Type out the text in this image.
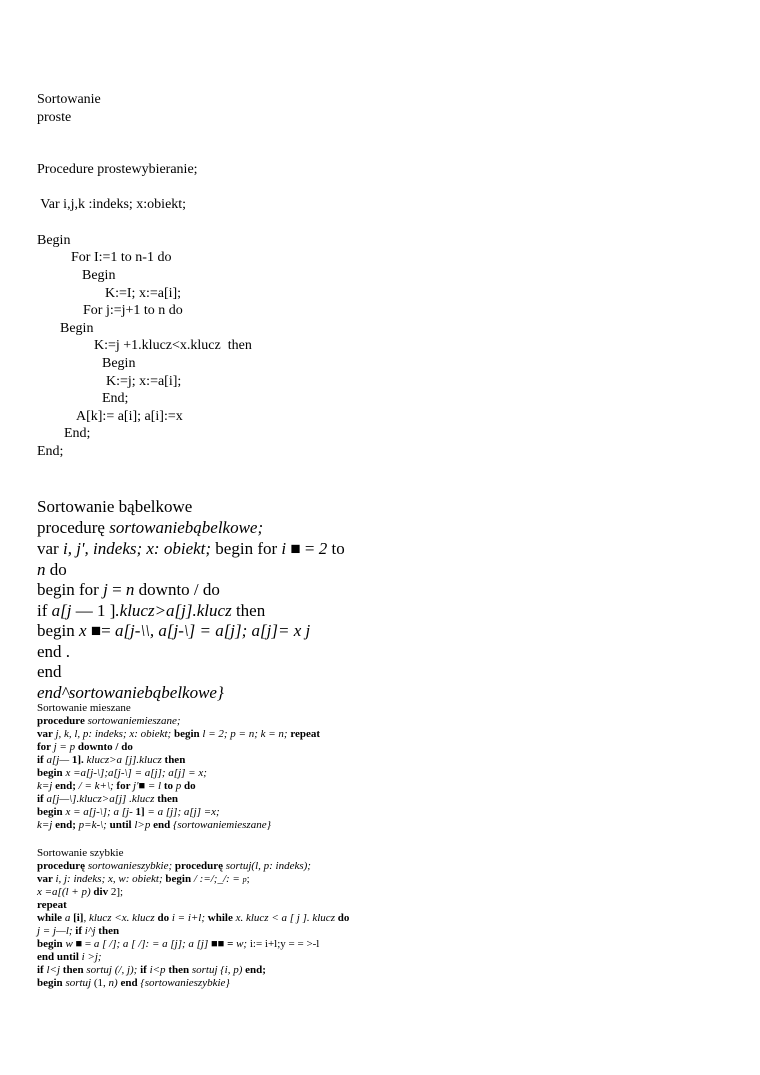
Sortowanie
proste
Procedure prostewybieranie;
Var i,j,k :indeks; x:obiekt;
Begin
For I:=1 to n-1 do
Begin
K:=I; x:=a[i];
For j:=j+1 to n do
Begin
K:=j +1.klucz<x.klucz  then
Begin
K:=j; x:=a[i];
End;
A[k]:= a[i]; a[i]:=x
End;
End;
Sortowanie bąbelkowe
procedurę sortowaniebąbelkowe;
var i, j', indeks; x: obiekt; begin for i ■ = 2 to
n do
begin for j = n downto / do
if a[j — 1 ].klucz>a[j].klucz then
begin x ■= a[j-\\, a[j-\] = a[j]; a[j]= x j
end .
end
end^sortowaniebąbelkowe}
Sortowanie mieszane
procedure sortowaniemieszane;
var j, k, l, p: indeks; x: obiekt; begin l = 2; p = n; k = n; repeat
for j = p downto / do
if a[j— 1]. klucz>a [j].klucz then
begin x =a[j-\];a[j-\] = a[j]; a[j] = x;
k=j end; / = k+\; for j'■ = l to p do
if a[j—\].klucz>a[j] .klucz then
begin x = a[j-\]; a [j- 1] = a [j]; a[j] =x;
k=j end; p=k-\; until l>p end {sortowaniemieszane}
Sortowanie szybkie
procedurę sortowanieszybkie; procedurę sortuj(l, p: indeks);
var i, j: indeks; x, w: obiekt; begin / :=/;_/: = p;
x =a[(l + p) div 2];
repeat
while a [i], klucz <x. klucz do i = i+l; while x. klucz < a [ j ]. klucz do
j = j—l; if i^j then
begin w ■ = a [ /]; a [ /]: = a [j]; a [j] ■■ = w; i:= i+l;y = = >-l
end until i >j;
if l<j then sortuj (/, j); if i<p then sortuj {i, p) end;
begin sortuj (1, n) end {sortowanieszybkie}
